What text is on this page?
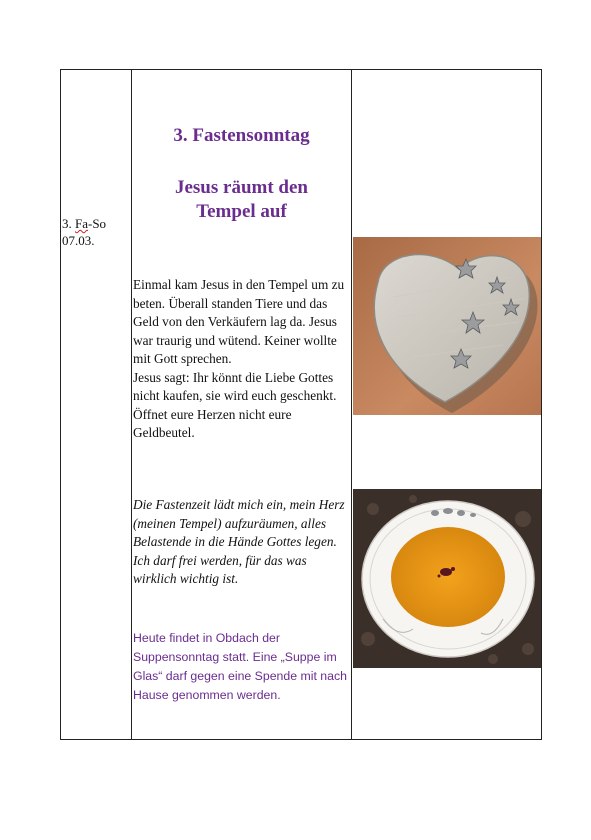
3. Fa-So
07.03.
3. Fastensonntag
Jesus räumt den
Tempel auf

Einmal kam Jesus in den Tempel um zu beten. Überall standen Tiere und das Geld von den Verkäufern lag da. Jesus war traurig und wütend. Keiner wollte mit Gott sprechen.

Jesus sagt: Ihr könnt die Liebe Gottes nicht kaufen, sie wird euch geschenkt. Öffnet eure Herzen nicht eure Geldbeutel.

Die Fastenzeit lädt mich ein, mein Herz (meinen Tempel) aufzuräumen, alles Belastende in die Hände Gottes legen. Ich darf frei werden, für das was wirklich wichtig ist.
Heute findet in Obdach der Suppensonntag statt. Eine „Suppe im Glas“ darf gegen eine Spende mit nach Hause genommen werden.
